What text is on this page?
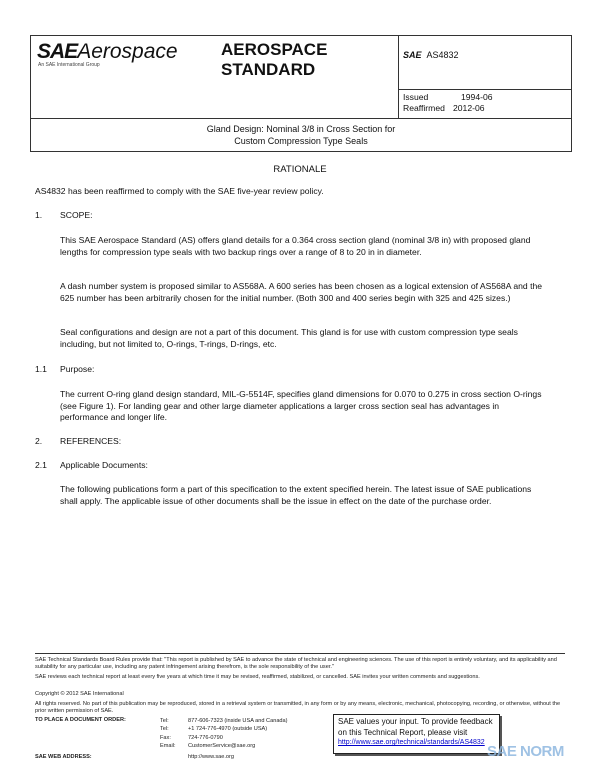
SAEAerospace
An SAE International Group
AEROSPACE
STANDARD
SAE AS4832
Issued	1994-06
Reaffirmed 2012-06
Gland Design: Nominal 3/8 in Cross Section for
Custom Compression Type Seals
RATIONALE
AS4832 has been reaffirmed to comply with the SAE five-year review policy.
1. SCOPE:
This SAE Aerospace Standard (AS) offers gland details for a 0.364 cross section gland (nominal 3/8 in) with proposed gland lengths for compression type seals with two backup rings over a range of 8 to 20 in in diameter.
A dash number system is proposed similar to AS568A. A 600 series has been chosen as a logical extension of AS568A and the 625 number has been arbitrarily chosen for the initial number. (Both 300 and 400 series begin with 325 and 425 sizes.)
Seal configurations and design are not a part of this document. This gland is for use with custom compression type seals including, but not limited to, O-rings, T-rings, D-rings, etc.
1.1 Purpose:
The current O-ring gland design standard, MIL-G-5514F, specifies gland dimensions for 0.070 to 0.275 in cross section O-rings (see Figure 1). For landing gear and other large diameter applications a larger cross section seal has advantages in performance and longer life.
2. REFERENCES:
2.1 Applicable Documents:
The following publications form a part of this specification to the extent specified herein. The latest issue of SAE publications shall apply. The applicable issue of other documents shall be the issue in effect on the date of the purchase order.
SAE Technical Standards Board Rules provide that: "This report is published by SAE to advance the state of technical and engineering sciences. The use of this report is entirely voluntary, and its applicability and suitability for any particular use, including any patent infringement arising therefrom, is the sole responsibility of the user."
SAE reviews each technical report at least every five years at which time it may be revised, reaffirmed, stabilized, or cancelled. SAE invites your written comments and suggestions.
Copyright © 2012 SAE International
All rights reserved. No part of this publication may be reproduced, stored in a retrieval system or transmitted, in any form or by any means, electronic, mechanical, photocopying, recording, or otherwise, without the prior written permission of SAE.
TO PLACE A DOCUMENT ORDER:	Tel:	877-606-7323 (inside USA and Canada)
Tel:	+1 724-776-4970 (outside USA)
Fax:	724-776-0790
Email: CustomerService@sae.org
SAE WEB ADDRESS:	http://www.sae.org
SAE values your input. To provide feedback
on this Technical Report, please visit
http://www.sae.org/technical/standards/AS4832
SAE NORM
